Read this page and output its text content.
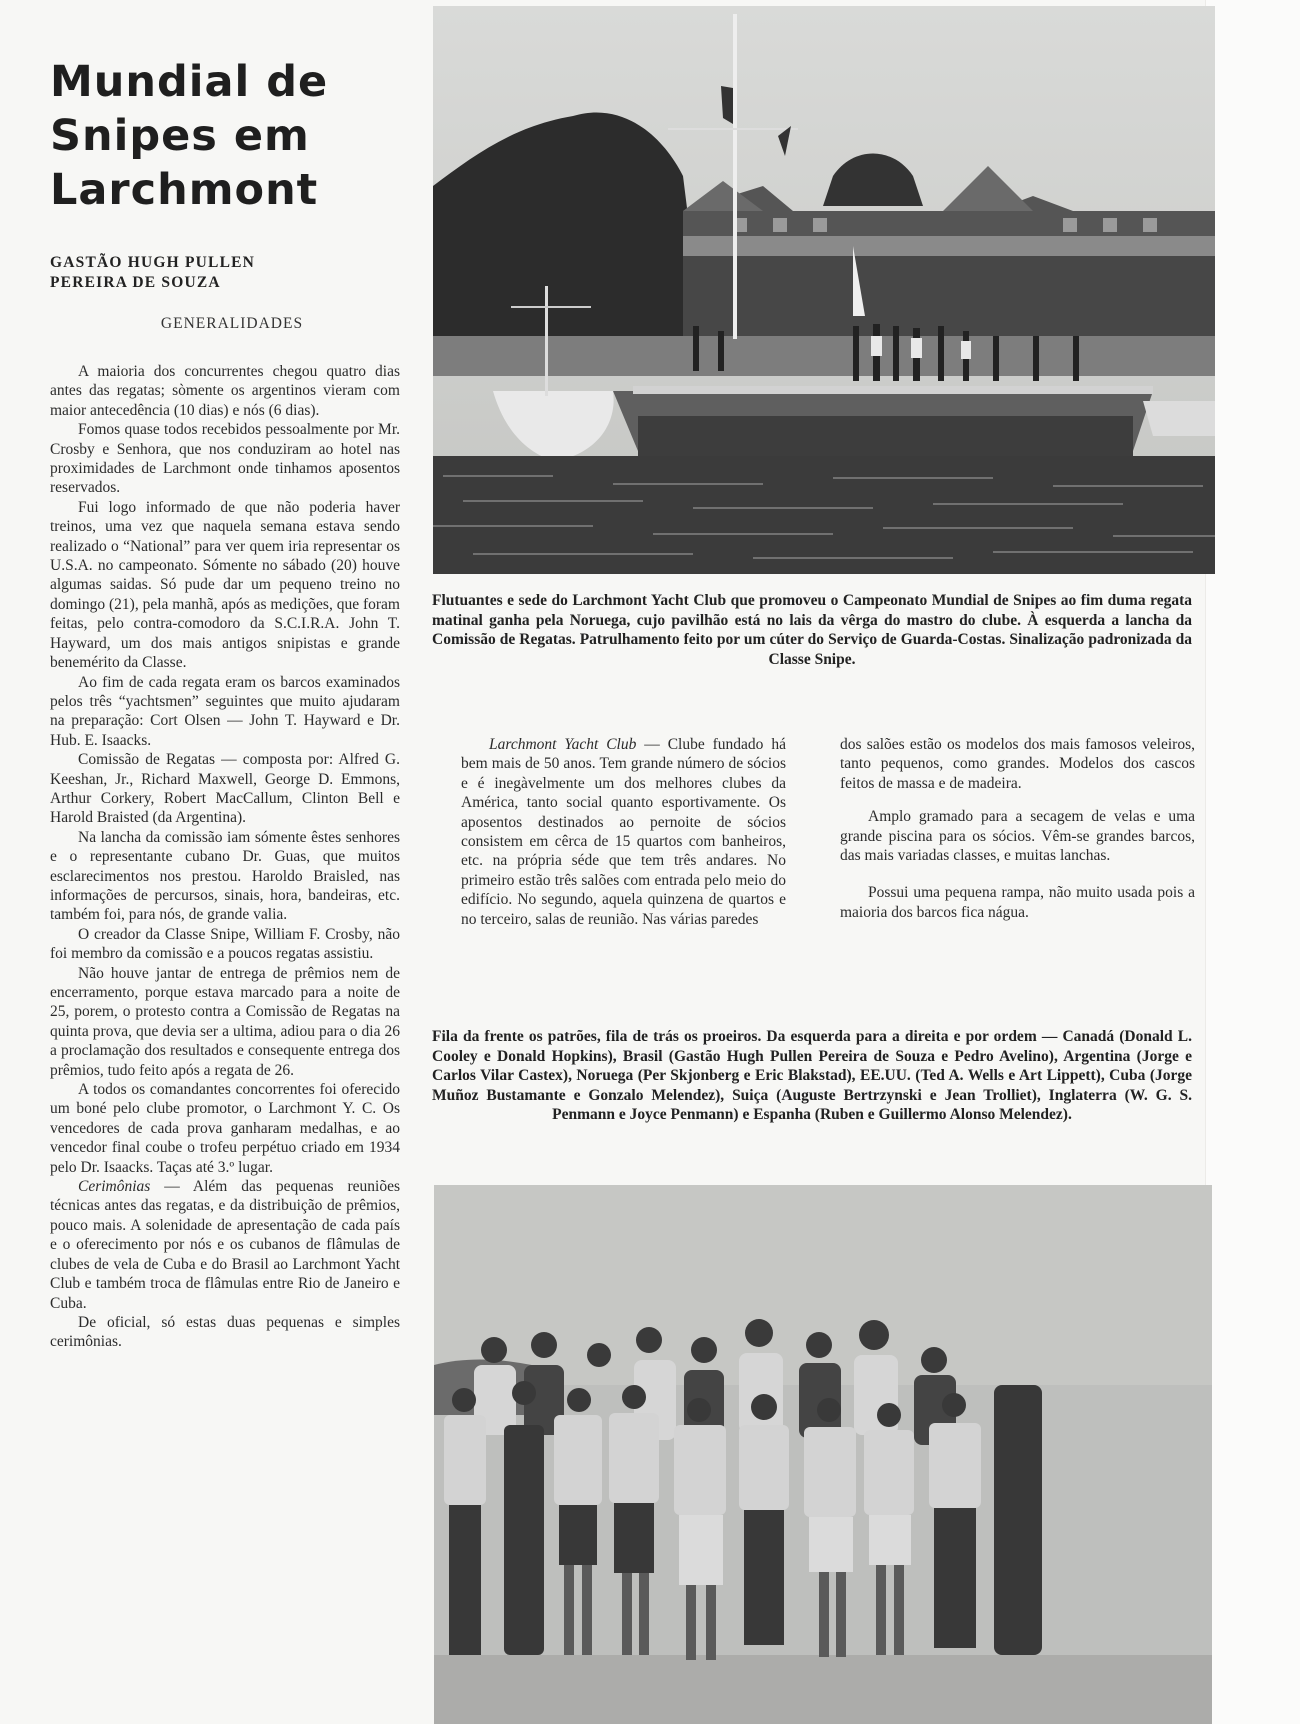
Mundial de
Snipes em
Larchmont
GASTÃO HUGH PULLEN
PEREIRA DE SOUZA
GENERALIDADES

A maioria dos concurrentes chegou quatro dias antes das regatas; sòmente os argentinos vieram com maior antecedência (10 dias) e nós (6 dias).

Fomos quase todos recebidos pessoalmente por Mr. Crosby e Senhora, que nos conduziram ao hotel nas proximidades de Larchmont onde tinhamos aposentos reservados.

Fui logo informado de que não poderia haver treinos, uma vez que naquela semana estava sendo realizado o “National” para ver quem iria representar os U.S.A. no campeonato. Sómente no sábado (20) houve algumas saidas. Só pude dar um pequeno treino no domingo (21), pela manhã, após as medições, que foram feitas, pelo contra-comodoro da S.C.I.R.A. John T. Hayward, um dos mais antigos snipistas e grande benemérito da Classe.

Ao fim de cada regata eram os barcos examinados pelos três “yachtsmen” seguintes que muito ajudaram na preparação: Cort Olsen — John T. Hayward e Dr. Hub. E. Isaacks.

Comissão de Regatas — composta por: Alfred G. Keeshan, Jr., Richard Maxwell, George D. Emmons, Arthur Corkery, Robert MacCallum, Clinton Bell e Harold Braisted (da Argentina).

Na lancha da comissão iam sómente êstes senhores e o representante cubano Dr. Guas, que muitos esclarecimentos nos prestou. Haroldo Braisled, nas informações de percursos, sinais, hora, bandeiras, etc. também foi, para nós, de grande valia.

O creador da Classe Snipe, William F. Crosby, não foi membro da comissão e a poucos regatas assistiu.

Não houve jantar de entrega de prêmios nem de encerramento, porque estava marcado para a noite de 25, porem, o protesto contra a Comissão de Regatas na quinta prova, que devia ser a ultima, adiou para o dia 26 a proclamação dos resultados e consequente entrega dos prêmios, tudo feito após a regata de 26.

A todos os comandantes concorrentes foi oferecido um boné pelo clube promotor, o Larchmont Y. C. Os vencedores de cada prova ganharam medalhas, e ao vencedor final coube o trofeu perpétuo criado em 1934 pelo Dr. Isaacks. Taças até 3.º lugar.

Cerimônias — Além das pequenas reuniões técnicas antes das regatas, e da distribuição de prêmios, pouco mais. A solenidade de apresentação de cada país e o oferecimento por nós e os cubanos de flâmulas de clubes de vela de Cuba e do Brasil ao Larchmont Yacht Club e também troca de flâmulas entre Rio de Janeiro e Cuba.

De oficial, só estas duas pequenas e simples cerimônias.

Flutuantes e sede do Larchmont Yacht Club que promoveu o Campeonato Mundial de Snipes ao fim duma regata matinal ganha pela Noruega, cujo pavilhão está no lais da vêrga do mastro do clube. À esquerda a lancha da Comissão de Regatas. Patrulhamento feito por um cúter do Serviço de Guarda-Costas. Sinalização padronizada da Classe Snipe.

Larchmont Yacht Club — Clube fundado há bem mais de 50 anos. Tem grande número de sócios e é inegàvelmente um dos melhores clubes da América, tanto social quanto esportivamente. Os aposentos destinados ao pernoite de sócios consistem em cêrca de 15 quartos com banheiros, etc. na própria séde que tem três andares. No primeiro estão três salões com entrada pelo meio do edifício. No segundo, aquela quinzena de quartos e no terceiro, salas de reunião. Nas várias paredes

dos salões estão os modelos dos mais famosos veleiros, tanto pequenos, como grandes. Modelos dos cascos feitos de massa e de madeira.

Amplo gramado para a secagem de velas e uma grande piscina para os sócios. Vêm-se grandes barcos, das mais variadas classes, e muitas lanchas.

Possui uma pequena rampa, não muito usada pois a maioria dos barcos fica nágua.

Fila da frente os patrões, fila de trás os proeiros. Da esquerda para a direita e por ordem — Canadá (Donald L. Cooley e Donald Hopkins), Brasil (Gastão Hugh Pullen Pereira de Souza e Pedro Avelino), Argentina (Jorge e Carlos Vilar Castex), Noruega (Per Skjonberg e Eric Blakstad), EE.UU. (Ted A. Wells e Art Lippett), Cuba (Jorge Muñoz Bustamante e Gonzalo Melendez), Suiça (Auguste Bertrzynski e Jean Trolliet), Inglaterra (W. G. S. Penmann e Joyce Penmann) e Espanha (Ruben e Guillermo Alonso Melendez).
